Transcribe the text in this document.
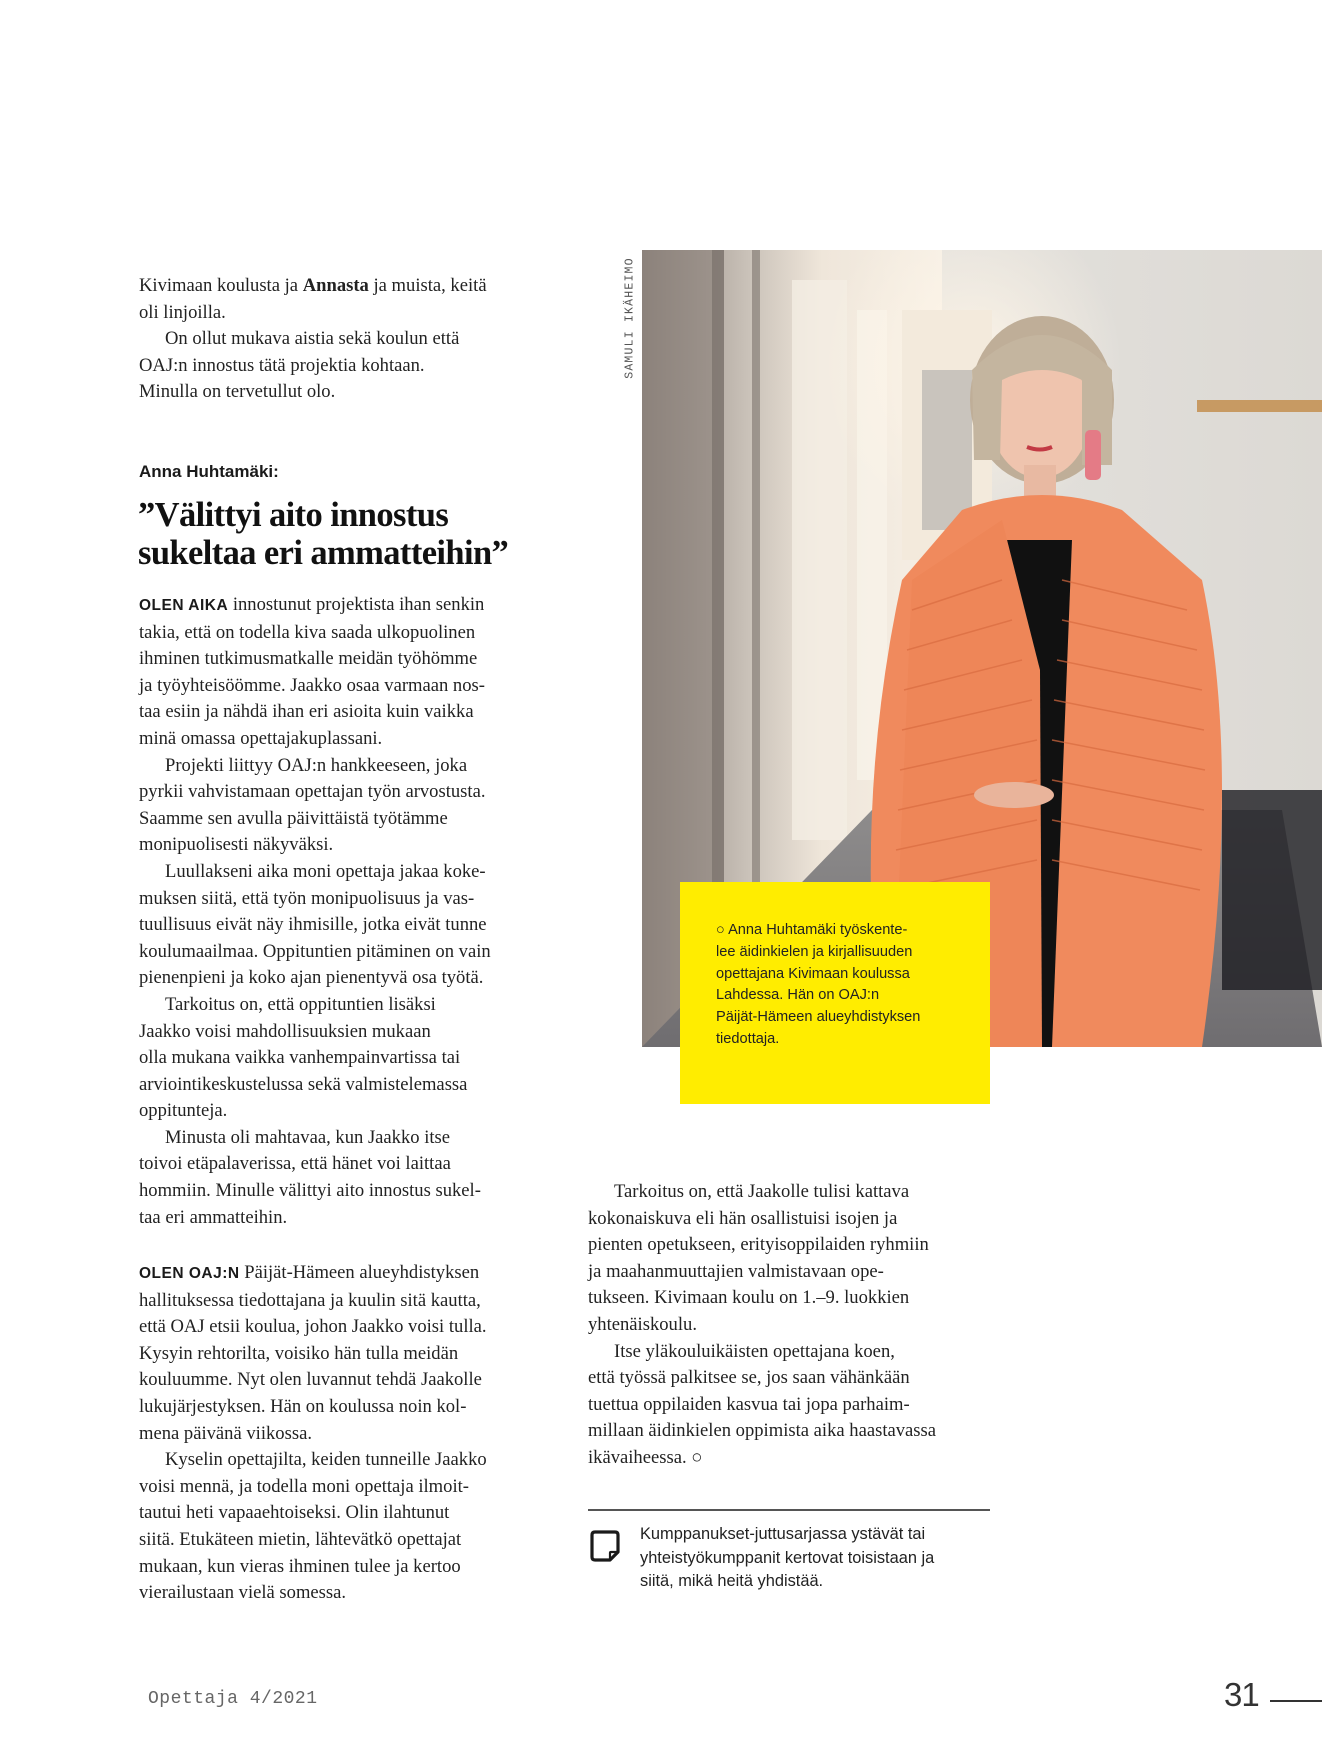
Kivimaan koulusta ja Annasta ja muista, keitä

oli linjoilla.

On ollut mukava aistia sekä koulun että

OAJ:n innostus tätä projektia kohtaan.

Minulla on tervetullut olo.

Anna Huhtamäki:
”Välittyi aito innostus
sukeltaa eri ammatteihin”

OLEN AIKA innostunut projektista ihan senkin

takia, että on todella kiva saada ulkopuolinen

ihminen tutkimusmatkalle meidän työhömme

ja työyhteisöömme. Jaakko osaa varmaan nos-

taa esiin ja nähdä ihan eri asioita kuin vaikka

minä omassa opettajakuplassani.

Projekti liittyy OAJ:n hankkeeseen, joka

pyrkii vahvistamaan opettajan työn arvostusta.

Saamme sen avulla päivittäistä työtämme

monipuolisesti näkyväksi.

Luullakseni aika moni opettaja jakaa koke-

muksen siitä, että työn monipuolisuus ja vas-

tuullisuus eivät näy ihmisille, jotka eivät tunne

koulumaailmaa. Oppituntien pitäminen on vain

pienenpieni ja koko ajan pienentyvä osa työtä.

Tarkoitus on, että oppituntien lisäksi

Jaakko voisi mahdollisuuksien mukaan

olla mukana vaikka vanhempainvartissa tai

arviointikeskustelussa sekä valmistelemassa

oppitunteja.

Minusta oli mahtavaa, kun Jaakko itse

toivoi etäpalaverissa, että hänet voi laittaa

hommiin. Minulle välittyi aito innostus sukel-

taa eri ammatteihin.

OLEN OAJ:N Päijät-Hämeen alueyhdistyksen

hallituksessa tiedottajana ja kuulin sitä kautta,

että OAJ etsii koulua, johon Jaakko voisi tulla.

Kysyin rehtorilta, voisiko hän tulla meidän

kouluumme. Nyt olen luvannut tehdä Jaakolle

lukujärjestyksen. Hän on koulussa noin kol-

mena päivänä viikossa.

Kyselin opettajilta, keiden tunneille Jaakko

voisi mennä, ja todella moni opettaja ilmoit-

tautui heti vapaaehtoiseksi. Olin ilahtunut

siitä. Etukäteen mietin, lähtevätkö opettajat

mukaan, kun vieras ihminen tulee ja kertoo

vierailustaan vielä somessa.

Tarkoitus on, että Jaakolle tulisi kattava

kokonaiskuva eli hän osallistuisi isojen ja

pienten opetukseen, erityisoppilaiden ryhmiin

ja maahanmuuttajien valmistavaan ope-

tukseen. Kivimaan koulu on 1.–9. luokkien

yhtenäiskoulu.

Itse yläkouluikäisten opettajana koen,

että työssä palkitsee se, jos saan vähänkään

tuettua oppilaiden kasvua tai jopa parhaim-

millaan äidinkielen oppimista aika haastavassa

ikävaiheessa. ○

SAMULI IKÄHEIMO

○ Anna Huhtamäki työskente-

lee äidinkielen ja kirjallisuuden

opettajana Kivimaan koulussa

Lahdessa. Hän on OAJ:n

Päijät-Hämeen alueyhdistyksen

tiedottaja.

Kumppanukset-juttusarjassa ystävät tai

yhteistyökumppanit kertovat toisistaan ja

siitä, mikä heitä yhdistää.

Opettaja 4/2021	31
